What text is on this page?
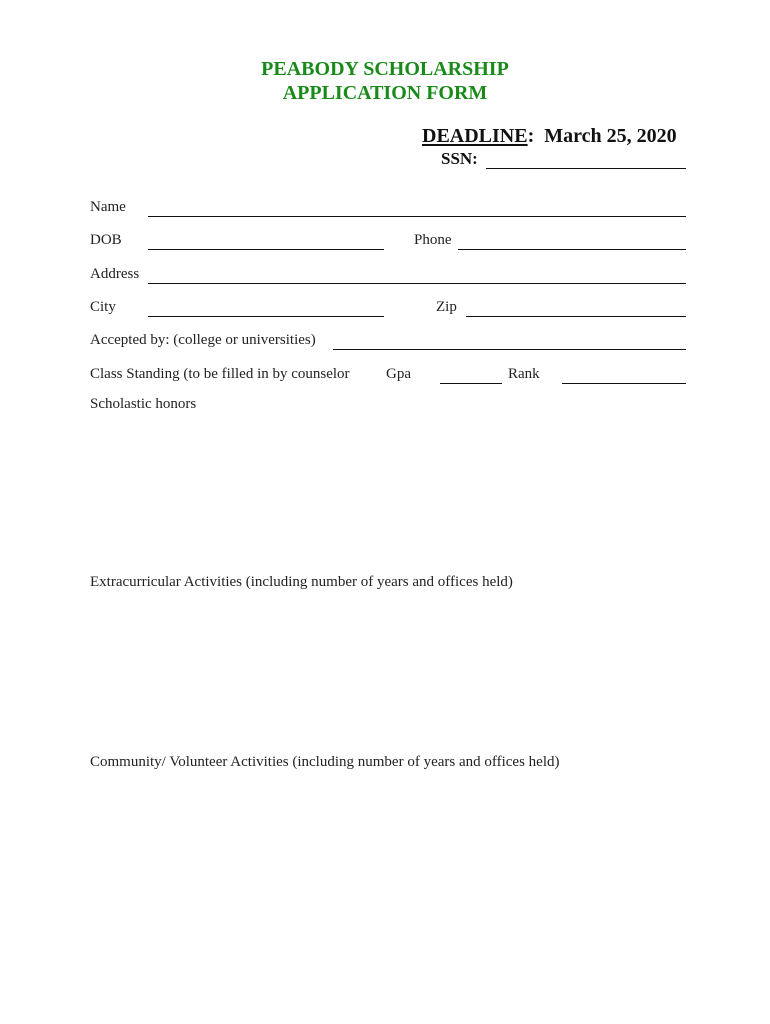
PEABODY SCHOLARSHIP
APPLICATION FORM
DEADLINE:  March 25, 2020
SSN:
Name
DOB	Phone
Address
City	Zip
Accepted by: (college or universities)
Class Standing (to be filled in by counselor Gpa	Rank
Scholastic honors
Extracurricular Activities (including number of years and offices held)
Community/ Volunteer Activities (including number of years and offices held)
